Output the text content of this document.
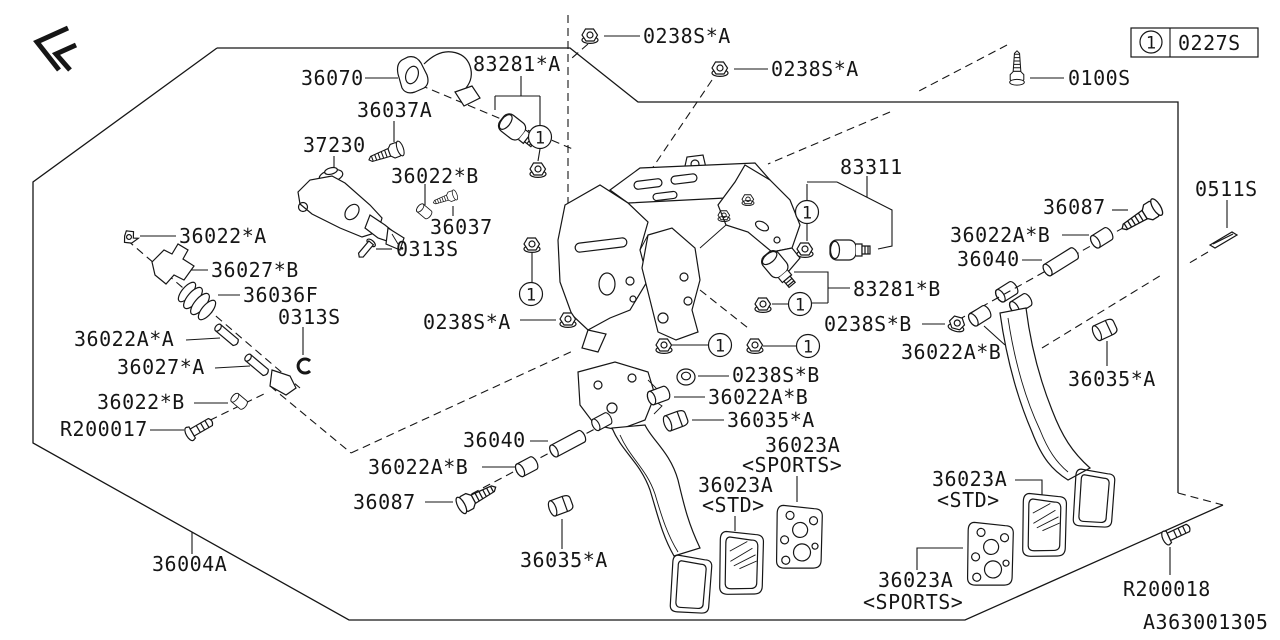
1 0227S
1
1
1	1
1
1
0238S*A
0238S*A	0100S
36070
83281*A
36037A
37230
36022*B
36037
0313S
36022*A
36027*B
36036F
0313S
36022A*A
36027*A
36022*B
R200017
0238S*A
83311
83281*B
0238S*B
36022A*B
36087
36022A*B
36040
0511S
36035*A
0238S*B
36022A*B
36035*A
36023A
<SPORTS>
36023A
<STD>
36040
36022A*B
36087
36035*A
36023A
<STD>
36023A
<SPORTS>
R200018
36004A
A363001305
